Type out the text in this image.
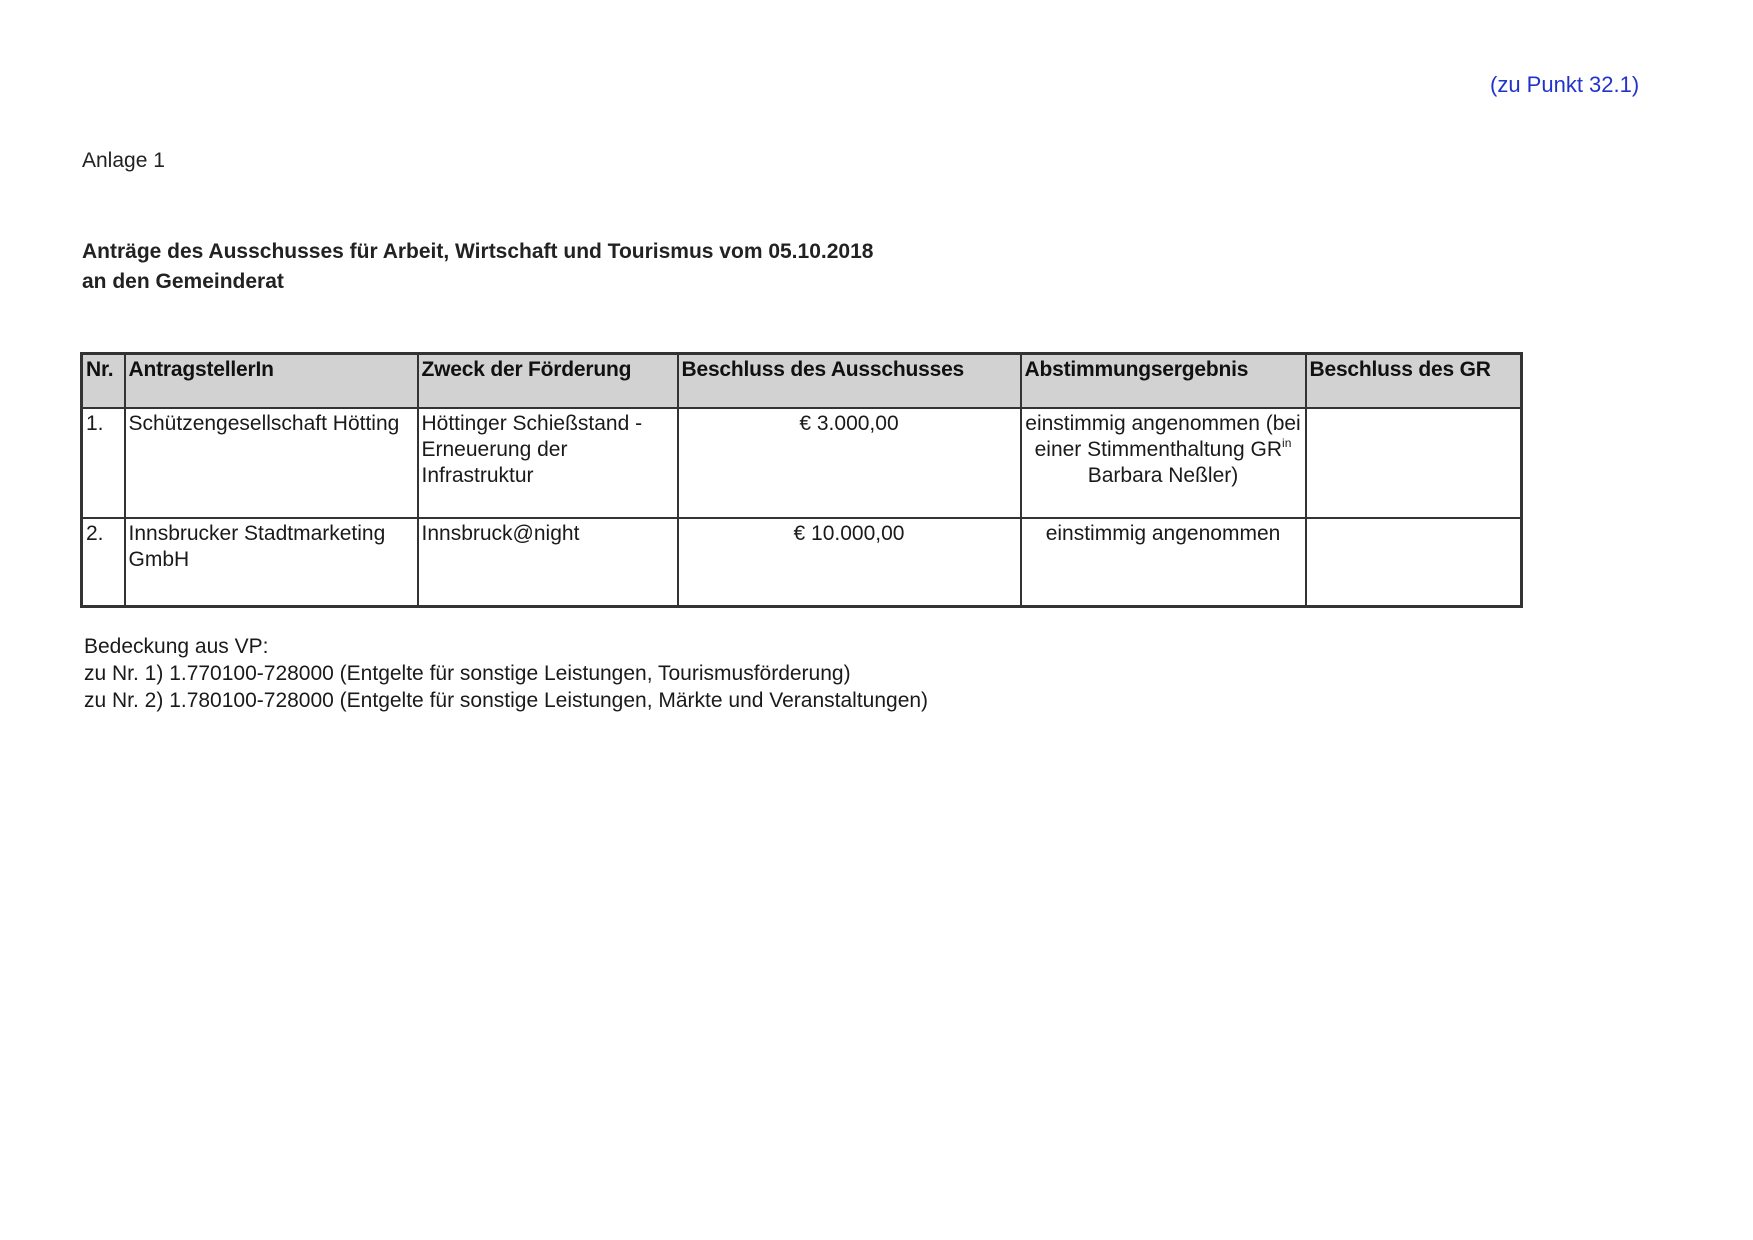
(zu Punkt 32.1)
Anlage 1
Anträge des Ausschusses für Arbeit, Wirtschaft und Tourismus vom 05.10.2018
an den Gemeinderat
Nr.	AntragstellerIn	Zweck der Förderung	Beschluss des Ausschusses	Abstimmungsergebnis	Beschluss des GR
1.	Schützengesellschaft Hötting	Höttinger Schießstand - Erneuerung der Infrastruktur	€ 3.000,00	einstimmig angenommen (bei einer Stimmenthaltung $GR^{in}$ Barbara Neßler)	
2.	Innsbrucker Stadtmarketing GmbH	Innsbruck@night	€ 10.000,00	einstimmig angenommen	
Bedeckung aus VP:
zu Nr. 1) 1.770100-728000 (Entgelte für sonstige Leistungen, Tourismusförderung)
zu Nr. 2) 1.780100-728000 (Entgelte für sonstige Leistungen, Märkte und Veranstaltungen)
